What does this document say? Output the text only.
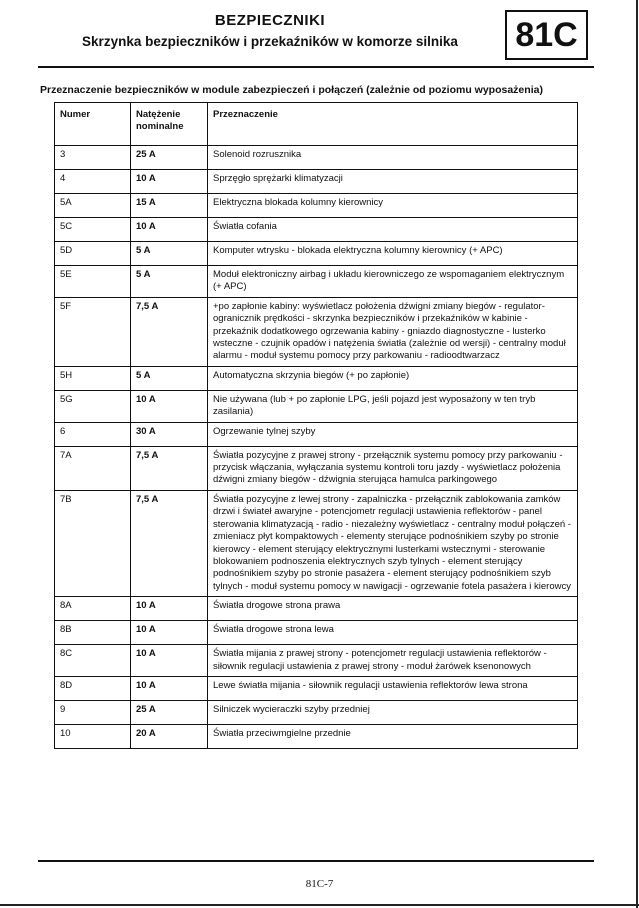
BEZPIECZNIKI
Skrzynka bezpieczników i przekaźników w komorze silnika	81C
Przeznaczenie bezpieczników w module zabezpieczeń i połączeń (zależnie od poziomu wyposażenia)
Numer	Natężenie nominalne	Przeznaczenie
3	25 A	Solenoid rozrusznika
4	10 A	Sprzęgło sprężarki klimatyzacji
5A	15 A	Elektryczna blokada kolumny kierownicy
5C	10 A	Światła cofania
5D	5 A	Komputer wtrysku - blokada elektryczna kolumny kierownicy (+ APC)
5E	5 A	Moduł elektroniczny airbag i układu kierowniczego ze wspomaganiem elektrycznym (+ APC)
5F	7,5 A	+po zapłonie kabiny: wyświetlacz położenia dźwigni zmiany biegów - regulator-ogranicznik prędkości - skrzynka bezpieczników i przekaźników w kabinie - przekaźnik dodatkowego ogrzewania kabiny - gniazdo diagnostyczne - lusterko wsteczne - czujnik opadów i natężenia światła (zależnie od wersji) - centralny moduł alarmu - moduł systemu pomocy przy parkowaniu - radioodtwarzacz
5H	5 A	Automatyczna skrzynia biegów (+ po zapłonie)
5G	10 A	Nie używana (lub + po zapłonie LPG, jeśli pojazd jest wyposażony w ten tryb zasilania)
6	30 A	Ogrzewanie tylnej szyby
7A	7,5 A	Światła pozycyjne z prawej strony - przełącznik systemu pomocy przy parkowaniu - przycisk włączania, wyłączania systemu kontroli toru jazdy - wyświetlacz położenia dźwigni zmiany biegów - dźwignia sterująca hamulca parkingowego
7B	7,5 A	Światła pozycyjne z lewej strony - zapalniczka - przełącznik zablokowania zamków drzwi i świateł awaryjne - potencjometr regulacji ustawienia reflektorów - panel sterowania klimatyzacją - radio - niezależny wyświetlacz - centralny moduł połączeń - zmieniacz płyt kompaktowych - elementy sterujące podnośnikiem szyby po stronie kierowcy - element sterujący elektrycznymi lusterkami wstecznymi - sterowanie blokowaniem podnoszenia elektrycznych szyb tylnych - element sterujący podnośnikiem szyby po stronie pasażera - element sterujący podnośnikiem szyb tylnych - moduł systemu pomocy w nawigacji - ogrzewanie fotela pasażera i kierowcy
8A	10 A	Światła drogowe strona prawa
8B	10 A	Światła drogowe strona lewa
8C	10 A	Światła mijania z prawej strony - potencjometr regulacji ustawienia reflektorów - siłownik regulacji ustawienia z prawej strony - moduł żarówek ksenonowych
8D	10 A	Lewe światła mijania - siłownik regulacji ustawienia reflektorów lewa strona
9	25 A	Silniczek wycieraczki szyby przedniej
10	20 A	Światła przeciwmgielne przednie
81C-7
